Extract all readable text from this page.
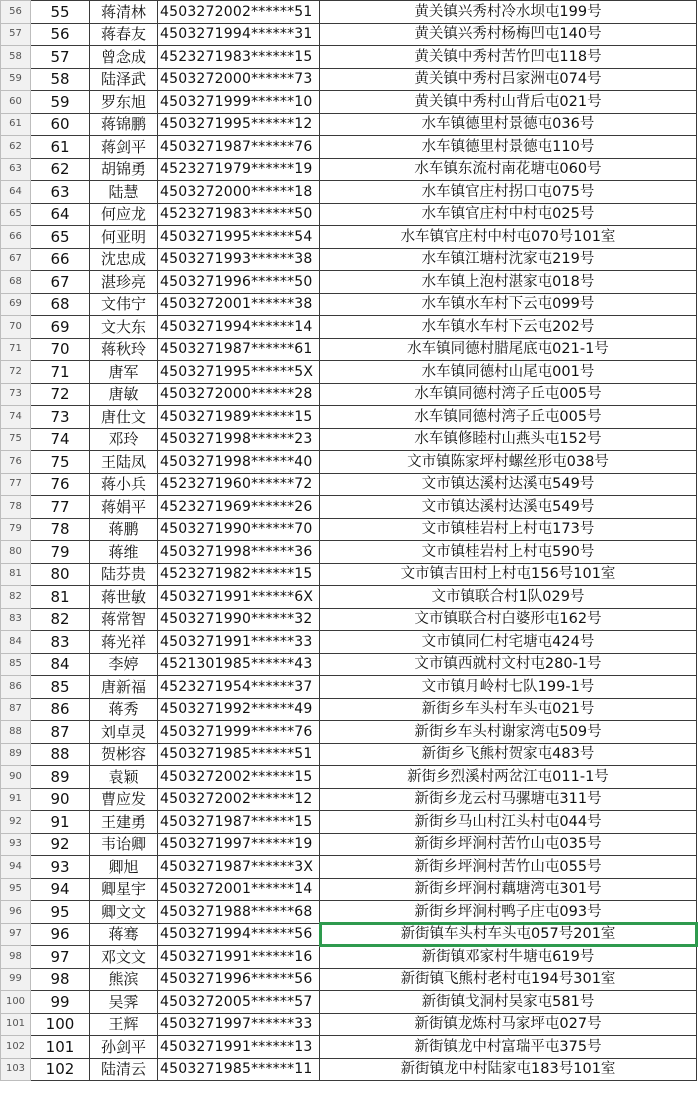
56	55	蒋清林	4503272002******51	黄关镇兴秀村冷水坝屯199号
57	56	蒋春友	4503271994******31	黄关镇兴秀村杨梅凹屯140号
58	57	曾念成	4523271983******15	黄关镇中秀村苦竹凹屯118号
59	58	陆泽武	4503272000******73	黄关镇中秀村吕家洲屯074号
60	59	罗东旭	4503271999******10	黄关镇中秀村山背后屯021号
61	60	蒋锦鹏	4503271995******12	水车镇德里村景德屯036号
62	61	蒋剑平	4503271987******76	水车镇德里村景德屯110号
63	62	胡锦勇	4523271979******19	水车镇东流村南花塘屯060号
64	63	陆慧	4503272000******18	水车镇官庄村拐口屯075号
65	64	何应龙	4523271983******50	水车镇官庄村中村屯025号
66	65	何亚明	4503271995******54	水车镇官庄村中村屯070号101室
67	66	沈忠成	4503271993******38	水车镇江塘村沈家屯219号
68	67	湛珍亮	4503271996******50	水车镇上泡村湛家屯018号
69	68	文伟宁	4503272001******38	水车镇水车村下云屯099号
70	69	文大东	4503271994******14	水车镇水车村下云屯202号
71	70	蒋秋玲	4503271987******61	水车镇同德村腊尾底屯021-1号
72	71	唐军	4503271995******5X	水车镇同德村山尾屯001号
73	72	唐敏	4503272000******28	水车镇同德村湾子丘屯005号
74	73	唐仕文	4503271989******15	水车镇同德村湾子丘屯005号
75	74	邓玲	4503271998******23	水车镇修睦村山燕头屯152号
76	75	王陆凤	4503271998******40	文市镇陈家坪村螺丝形屯038号
77	76	蒋小兵	4523271960******72	文市镇达溪村达溪屯549号
78	77	蒋娟平	4523271969******26	文市镇达溪村达溪屯549号
79	78	蒋鹏	4503271990******70	文市镇桂岩村上村屯173号
80	79	蒋维	4503271998******36	文市镇桂岩村上村屯590号
81	80	陆芬贵	4523271982******15	文市镇吉田村上村屯156号101室
82	81	蒋世敏	4503271991******6X	文市镇联合村1队029号
83	82	蒋常智	4503271990******32	文市镇联合村白婆形屯162号
84	83	蒋光祥	4503271991******33	文市镇同仁村宅塘屯424号
85	84	李婷	4521301985******43	文市镇西就村文村屯280-1号
86	85	唐新福	4523271954******37	文市镇月岭村七队199-1号
87	86	蒋秀	4503271992******49	新街乡车头村车头屯021号
88	87	刘卓灵	4503271999******76	新街乡车头村谢家湾屯509号
89	88	贺彬容	4503271985******51	新街乡飞熊村贺家屯483号
90	89	袁颖	4503272002******15	新街乡烈溪村两岔江屯011-1号
91	90	曹应发	4503272002******12	新街乡龙云村马骡塘屯311号
92	91	王建勇	4503271987******15	新街乡马山村江头村屯044号
93	92	韦诒卿	4503271997******19	新街乡坪涧村苦竹山屯035号
94	93	卿旭	4503271987******3X	新街乡坪涧村苦竹山屯055号
95	94	卿星宇	4503272001******14	新街乡坪涧村藕塘湾屯301号
96	95	卿文文	4503271988******68	新街乡坪涧村鸭子庄屯093号
97	96	蒋骞	4503271994******56	新街镇车头村车头屯057号201室
98	97	邓文文	4503271991******16	新街镇邓家村牛塘屯619号
99	98	熊滨	4503271996******56	新街镇飞熊村老村屯194号301室
100	99	吴霁	4503272005******57	新街镇戈洞村吴家屯581号
101	100	王辉	4503271997******33	新街镇龙炼村马家坪屯027号
102	101	孙剑平	4503271991******13	新街镇龙中村富瑞平屯375号
103	102	陆清云	4503271985******11	新街镇龙中村陆家屯183号101室
